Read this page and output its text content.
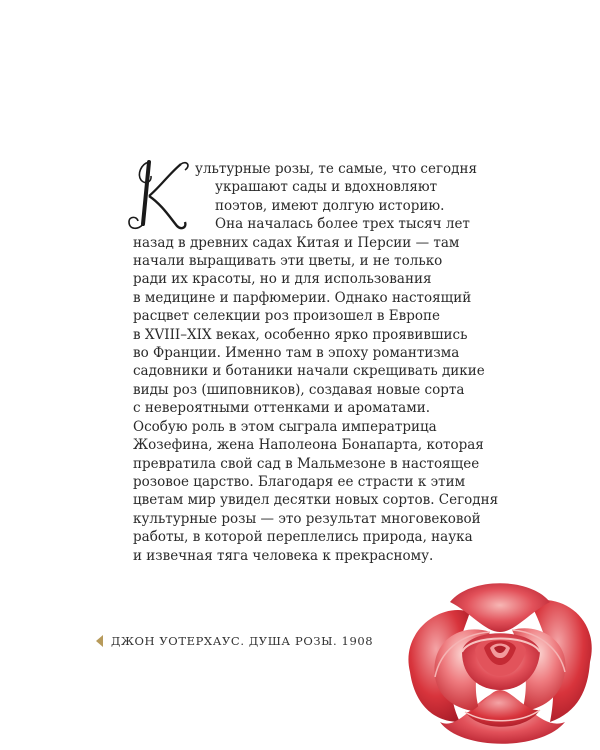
ультурные розы, те самые, что сегодня
украшают сады и вдохновляют
поэтов, имеют долгую историю.
Она началась более трех тысяч лет
назад в древних садах Китая и Персии — там
начали выращивать эти цветы, и не только
ради их красоты, но и для использования
в медицине и парфюмерии. Однако настоящий
расцвет селекции роз произошел в Европе
в XVIII–XIX веках, особенно ярко проявившись
во Франции. Именно там в эпоху романтизма
садовники и ботаники начали скрещивать дикие
виды роз (шиповников), создавая новые сорта
с невероятными оттенками и ароматами.
Особую роль в этом сыграла императрица
Жозефина, жена Наполеона Бонапарта, которая
превратила свой сад в Мальмезоне в настоящее
розовое царство. Благодаря ее страсти к этим
цветам мир увидел десятки новых сортов. Сегодня
культурные розы — это результат многовековой
работы, в которой переплелись природа, наука
и извечная тяга человека к прекрасному.
ДЖОН УОТЕРХАУС. ДУША РОЗЫ. 1908
